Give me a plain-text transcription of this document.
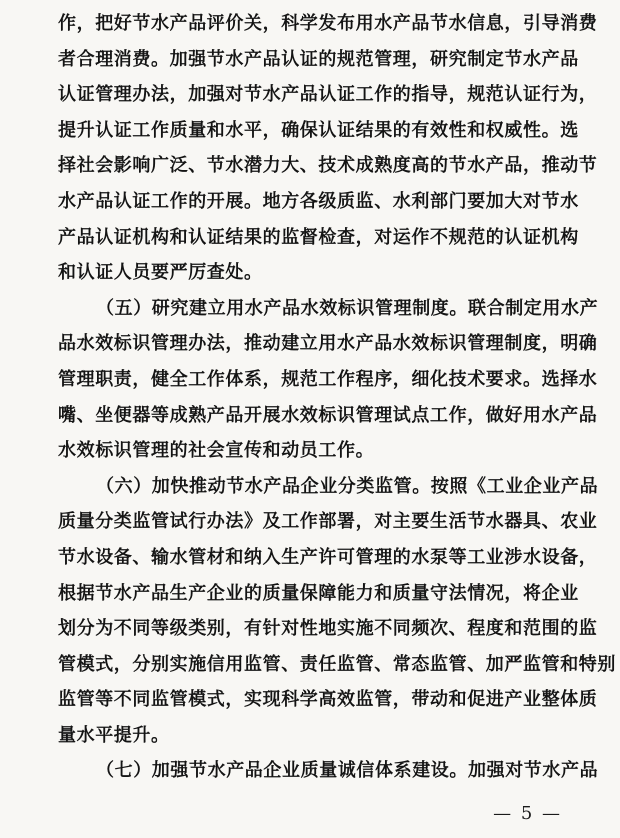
作，把好节水产品评价关，科学发布用水产品节水信息，引导消费
者合理消费。加强节水产品认证的规范管理，研究制定节水产品
认证管理办法，加强对节水产品认证工作的指导，规范认证行为，
提升认证工作质量和水平，确保认证结果的有效性和权威性。选
择社会影响广泛、节水潜力大、技术成熟度高的节水产品，推动节
水产品认证工作的开展。地方各级质监、水利部门要加大对节水
产品认证机构和认证结果的监督检查，对运作不规范的认证机构
和认证人员要严厉查处。
（五）研究建立用水产品水效标识管理制度。联合制定用水产
品水效标识管理办法，推动建立用水产品水效标识管理制度，明确
管理职责，健全工作体系，规范工作程序，细化技术要求。选择水
嘴、坐便器等成熟产品开展水效标识管理试点工作，做好用水产品
水效标识管理的社会宣传和动员工作。
（六）加快推动节水产品企业分类监管。按照《工业企业产品
质量分类监管试行办法》及工作部署，对主要生活节水器具、农业
节水设备、输水管材和纳入生产许可管理的水泵等工业涉水设备，
根据节水产品生产企业的质量保障能力和质量守法情况，将企业
划分为不同等级类别，有针对性地实施不同频次、程度和范围的监
管模式，分别实施信用监管、责任监管、常态监管、加严监管和特别
监管等不同监管模式，实现科学高效监管，带动和促进产业整体质
量水平提升。
（七）加强节水产品企业质量诚信体系建设。加强对节水产品
— 5 —
